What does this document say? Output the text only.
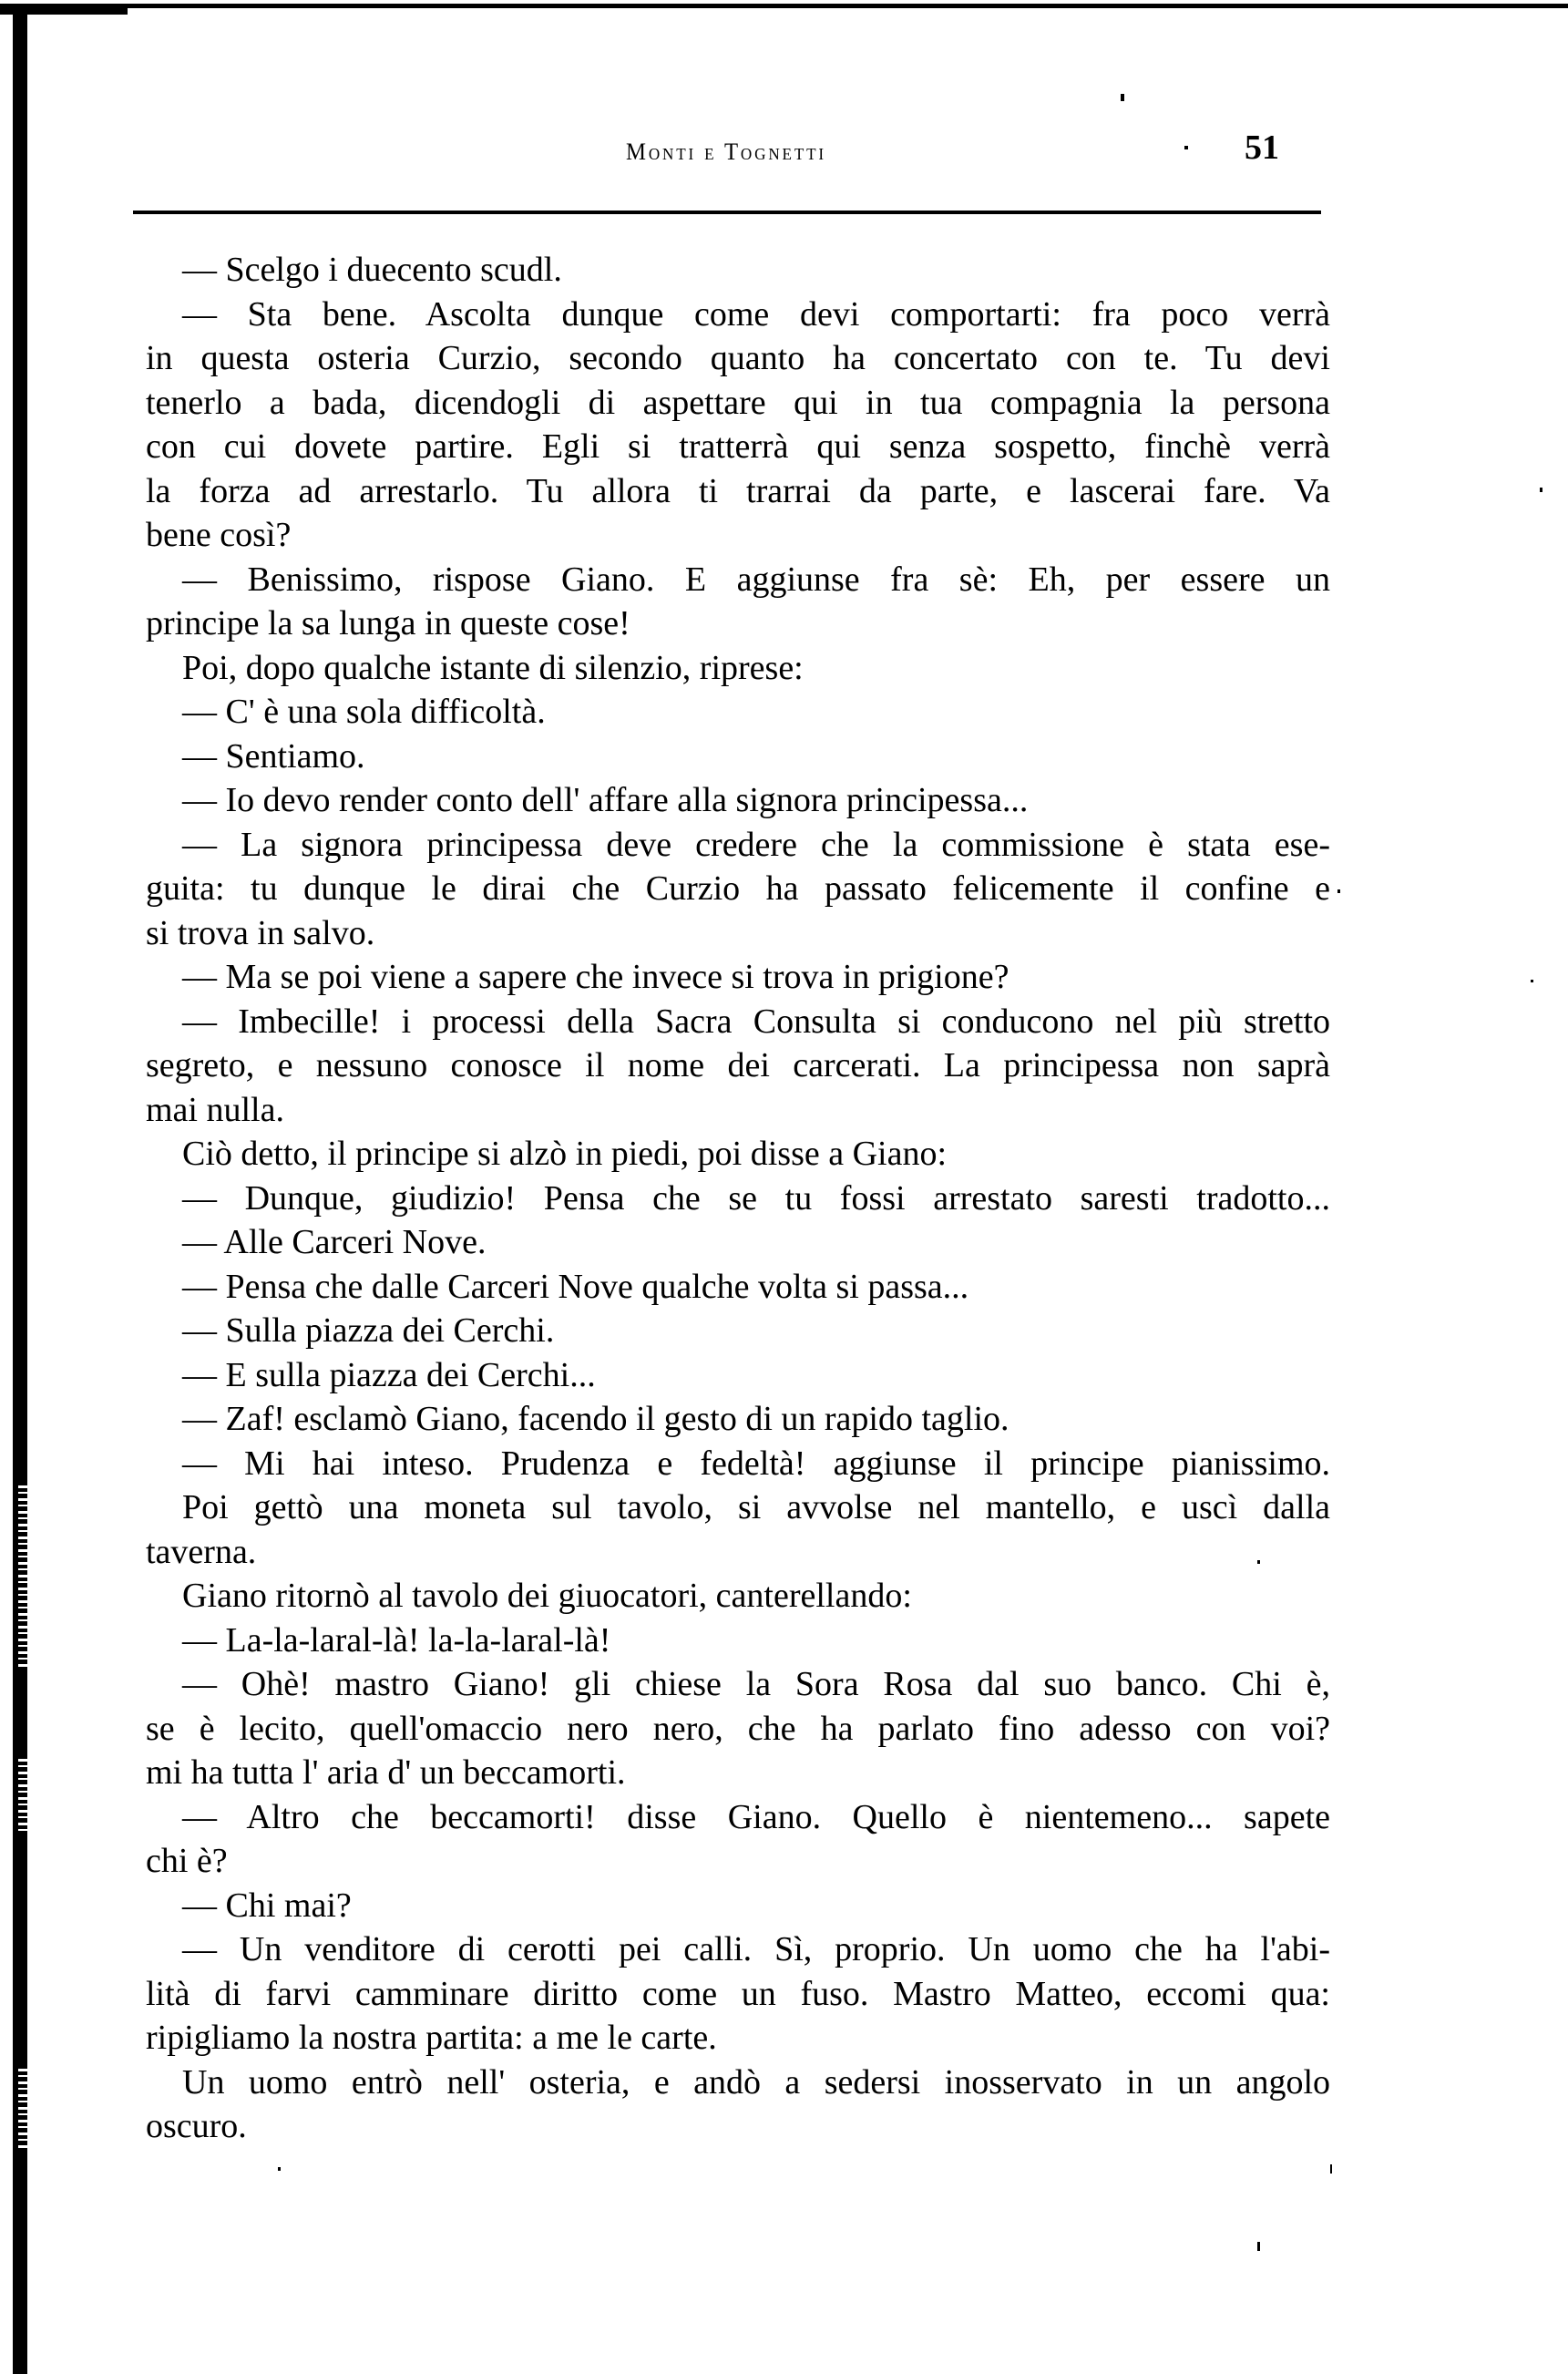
Monti e Tognetti	51
— Scelgo i duecento scudl.
— Sta bene. Ascolta dunque come devi comportarti: fra poco verrà
in questa osteria Curzio, secondo quanto ha concertato con te. Tu devi
tenerlo a bada, dicendogli di aspettare qui in tua compagnia la persona
con cui dovete partire. Egli si tratterrà qui senza sospetto, finchè verrà
la forza ad arrestarlo. Tu allora ti trarrai da parte, e lascerai fare. Va
bene così?
— Benissimo, rispose Giano. E aggiunse fra sè: Eh, per essere un
principe la sa lunga in queste cose!
Poi, dopo qualche istante di silenzio, riprese:
— C' è una sola difficoltà.
— Sentiamo.
— Io devo render conto dell' affare alla signora principessa...
— La signora principessa deve credere che la commissione è stata ese-
guita: tu dunque le dirai che Curzio ha passato felicemente il confine e
si trova in salvo.
— Ma se poi viene a sapere che invece si trova in prigione?
— Imbecille! i processi della Sacra Consulta si conducono nel più stretto
segreto, e nessuno conosce il nome dei carcerati. La principessa non saprà
mai nulla.
Ciò detto, il principe si alzò in piedi, poi disse a Giano:
— Dunque, giudizio! Pensa che se tu fossi arrestato saresti tradotto...
— Alle Carceri Nove.
— Pensa che dalle Carceri Nove qualche volta si passa...
— Sulla piazza dei Cerchi.
— E sulla piazza dei Cerchi...
— Zaf! esclamò Giano, facendo il gesto di un rapido taglio.
— Mi hai inteso. Prudenza e fedeltà! aggiunse il principe pianissimo.
Poi gettò una moneta sul tavolo, si avvolse nel mantello, e uscì dalla
taverna.
Giano ritornò al tavolo dei giuocatori, canterellando:
— La-la-laral-là! la-la-laral-là!
— Ohè! mastro Giano! gli chiese la Sora Rosa dal suo banco. Chi è,
se è lecito, quell'omaccio nero nero, che ha parlato fino adesso con voi?
mi ha tutta l' aria d' un beccamorti.
— Altro che beccamorti! disse Giano. Quello è nientemeno... sapete
chi è?
— Chi mai?
— Un venditore di cerotti pei calli. Sì, proprio. Un uomo che ha l'abi-
lità di farvi camminare diritto come un fuso. Mastro Matteo, eccomi qua:
ripigliamo la nostra partita: a me le carte.
Un uomo entrò nell' osteria, e andò a sedersi inosservato in un angolo
oscuro.
